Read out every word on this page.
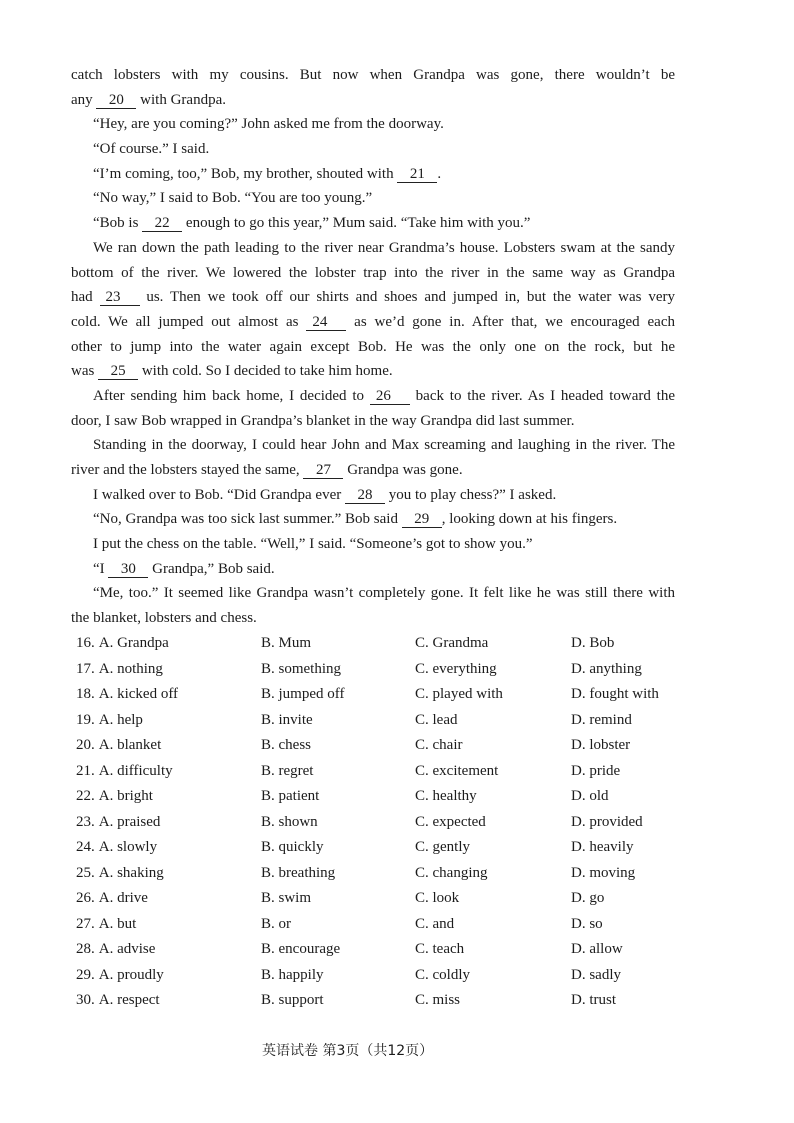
catch lobsters with my cousins. But now when Grandpa was gone, there wouldn’t be
any 20 with Grandpa.
“Hey, are you coming?” John asked me from the doorway.
“Of course.” I said.
“I’m coming, too,” Bob, my brother, shouted with 21 .
“No way,” I said to Bob. “You are too young.”
“Bob is 22 enough to go this year,” Mum said. “Take him with you.”
We ran down the path leading to the river near Grandma’s house. Lobsters swam at the sandy
bottom of the river. We lowered the lobster trap into the river in the same way as Grandpa
had 23 us. Then we took off our shirts and shoes and jumped in, but the water was very
cold. We all jumped out almost as 24 as we’d gone in. After that, we encouraged each
other to jump into the water again except Bob. He was the only one on the rock, but he
was 25 with cold. So I decided to take him home.
After sending him back home, I decided to 26 back to the river. As I headed toward the
door, I saw Bob wrapped in Grandpa’s blanket in the way Grandpa did last summer.
Standing in the doorway, I could hear John and Max screaming and laughing in the river. The
river and the lobsters stayed the same, 27 Grandpa was gone.
I walked over to Bob. “Did Grandpa ever 28 you to play chess?” I asked.
“No, Grandpa was too sick last summer.” Bob said 29 , looking down at his fingers.
I put the chess on the table. “Well,” I said. “Someone’s got to show you.”
“I 30 Grandpa,” Bob said.
“Me, too.” It seemed like Grandpa wasn’t completely gone. It felt like he was still there with
the blanket, lobsters and chess.
16. A. Grandpa	B. Mum	C. Grandma	D. Bob
17. A. nothing	B. something	C. everything	D. anything
18. A. kicked off	B. jumped off	C. played with	D. fought with
19. A. help	B. invite	C. lead	D. remind
20. A. blanket	B. chess	C. chair	D. lobster
21. A. difficulty	B. regret	C. excitement	D. pride
22. A. bright	B. patient	C. healthy	D. old
23. A. praised	B. shown	C. expected	D. provided
24. A. slowly	B. quickly	C. gently	D. heavily
25. A. shaking	B. breathing	C. changing	D. moving
26. A. drive	B. swim	C. look	D. go
27. A. but	B. or	C. and	D. so
28. A. advise	B. encourage	C. teach	D. allow
29. A. proudly	B. happily	C. coldly	D. sadly
30. A. respect	B. support	C. miss	D. trust
英语试卷 第3页（共12页）
